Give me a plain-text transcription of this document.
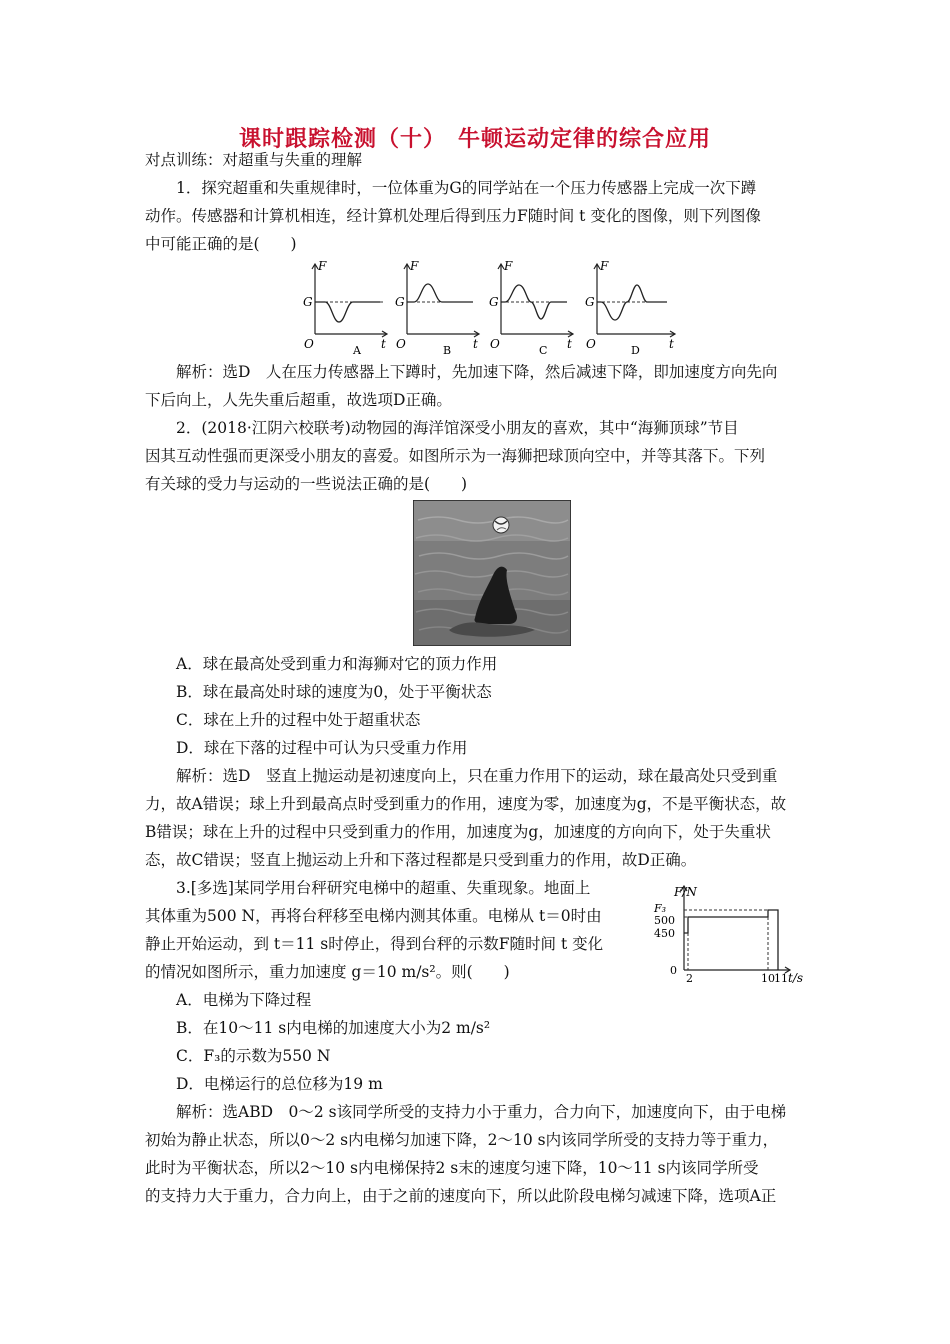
课时跟踪检测（十）　牛顿运动定律的综合应用
对点训练：对超重与失重的理解
1．探究超重和失重规律时，一位体重为G的同学站在一个压力传感器上完成一次下蹲
动作。传感器和计算机相连，经计算机处理后得到压力F随时间 t 变化的图像，则下列图像
中可能正确的是(　　)
F
G
O	t
A
F
G
O	t
B
F
G
O	t
C
F
G
O	t
D
解析：选D　人在压力传感器上下蹲时，先加速下降，然后减速下降，即加速度方向先向
下后向上，人先失重后超重，故选项D正确。
2．(2018·江阴六校联考)动物园的海洋馆深受小朋友的喜欢，其中“海狮顶球”节目
因其互动性强而更深受小朋友的喜爱。如图所示为一海狮把球顶向空中，并等其落下。下列
有关球的受力与运动的一些说法正确的是(　　)
A．球在最高处受到重力和海狮对它的顶力作用
B．球在最高处时球的速度为0，处于平衡状态
C．球在上升的过程中处于超重状态
D．球在下落的过程中可认为只受重力作用
解析：选D　竖直上抛运动是初速度向上，只在重力作用下的运动，球在最高处只受到重
力，故A错误；球上升到最高点时受到重力的作用，速度为零，加速度为g，不是平衡状态，故
B错误；球在上升的过程中只受到重力的作用，加速度为g，加速度的方向向下，处于失重状
态，故C错误；竖直上抛运动上升和下落过程都是只受到重力的作用，故D正确。
3.[多选]某同学用台秤研究电梯中的超重、失重现象。地面上
其体重为500 N，再将台秤移至电梯内测其体重。电梯从 t＝0时由
静止开始运动，到 t＝11 s时停止，得到台秤的示数F随时间 t 变化
的情况如图所示，重力加速度 g＝10 m/s²。则(　　)
F/N
F₃
500
450
0
2	10 11 t/s
A．电梯为下降过程
B．在10～11 s内电梯的加速度大小为2 m/s²
C．F₃的示数为550 N
D．电梯运行的总位移为19 m
解析：选ABD　0～2 s该同学所受的支持力小于重力，合力向下，加速度向下，由于电梯
初始为静止状态，所以0～2 s内电梯匀加速下降，2～10 s内该同学所受的支持力等于重力，
此时为平衡状态，所以2～10 s内电梯保持2 s末的速度匀速下降，10～11 s内该同学所受
的支持力大于重力，合力向上，由于之前的速度向下，所以此阶段电梯匀减速下降，选项A正
